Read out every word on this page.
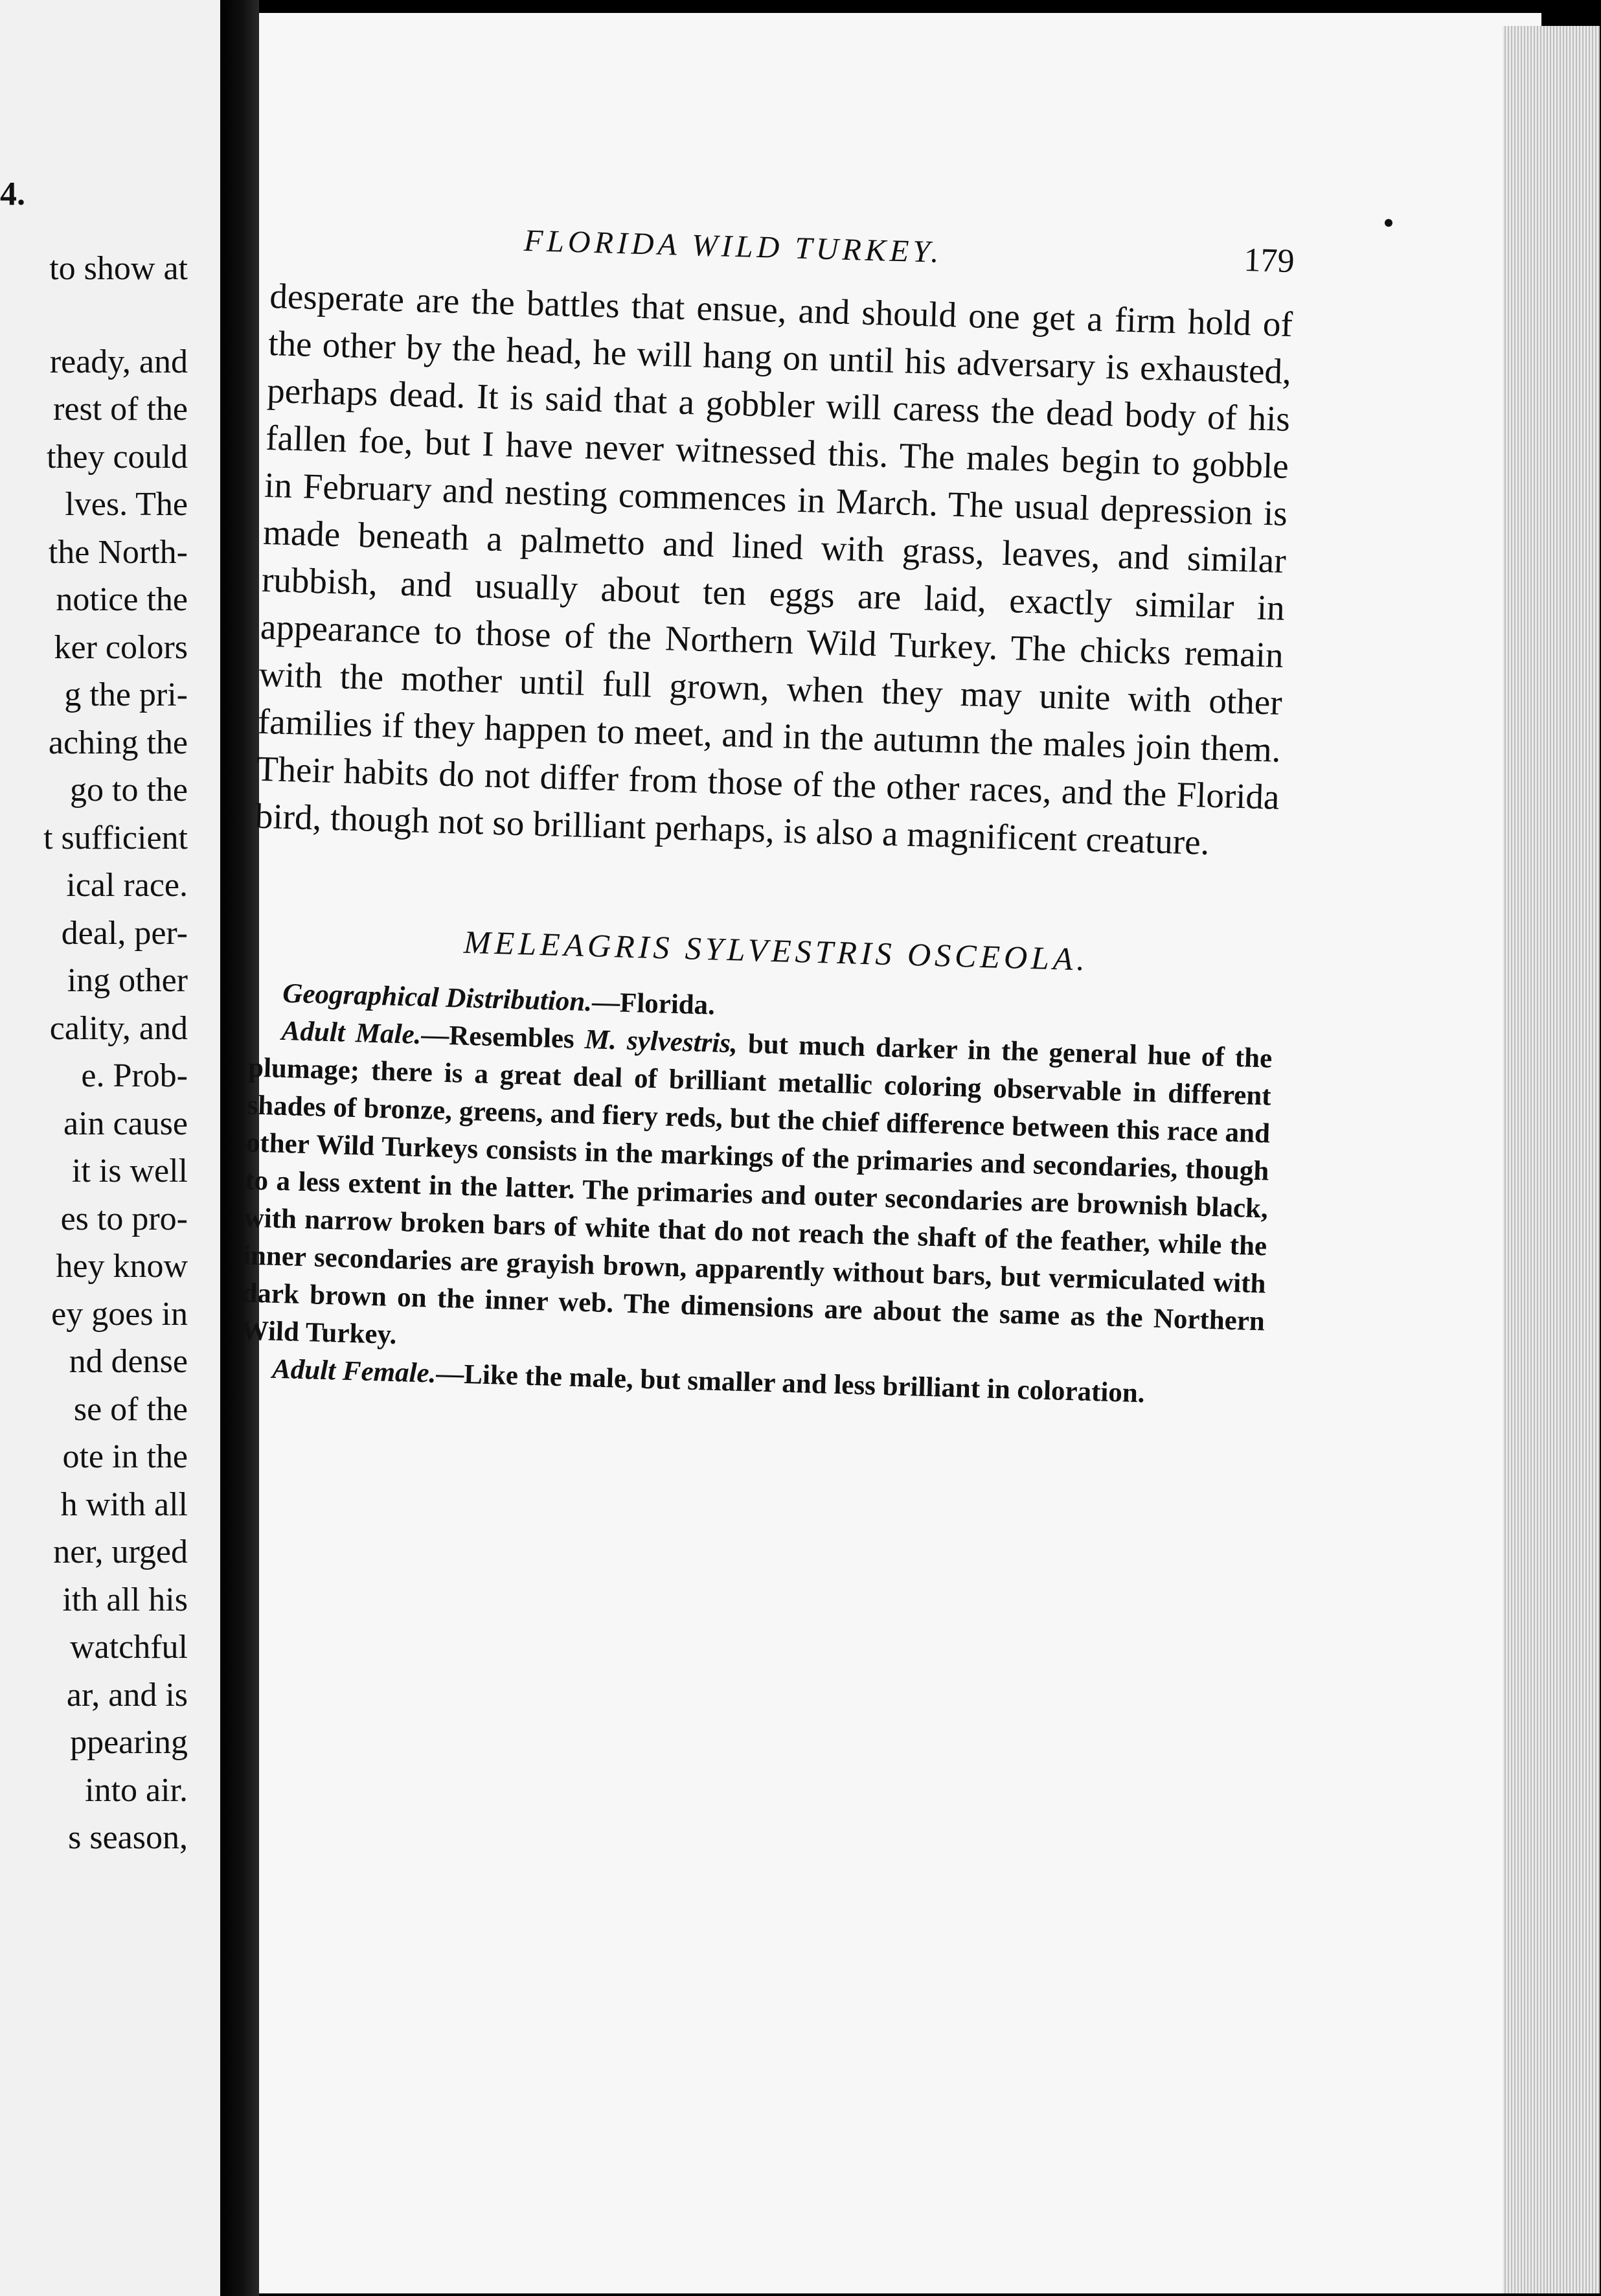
4.
to show at
ready, and
rest of the
they could
lves. The
the North-
notice the
ker colors
g the pri-
aching the
go to the
t sufficient
ical race.
deal, per-
ing other
cality, and
e. Prob-
ain cause
it is well
es to pro-
hey know
ey goes in
nd dense
se of the
ote in the
h with all
ner, urged
ith all his
watchful
ar, and is
ppearing
into air.
s season,
FLORIDA WILD TURKEY.	179

desperate are the battles that ensue, and should one get a firm hold of the other by the head, he will hang on until his adversary is exhausted, perhaps dead. It is said that a gobbler will caress the dead body of his fallen foe, but I have never witnessed this. The males begin to gobble in February and nesting commences in March. The usual depression is made beneath a palmetto and lined with grass, leaves, and similar rubbish, and usually about ten eggs are laid, exactly similar in appearance to those of the Northern Wild Turkey. The chicks remain with the mother until full grown, when they may unite with other families if they happen to meet, and in the autumn the males join them. Their habits do not differ from those of the other races, and the Florida bird, though not so brilliant perhaps, is also a magnificent creature.

MELEAGRIS SYLVESTRIS OSCEOLA.

Geographical Distribution.—Florida.

Adult Male.—Resembles M. sylvestris, but much darker in the general hue of the plumage; there is a great deal of brilliant metallic coloring observable in different shades of bronze, greens, and fiery reds, but the chief difference between this race and other Wild Turkeys consists in the markings of the primaries and secondaries, though to a less extent in the latter. The primaries and outer secondaries are brownish black, with narrow broken bars of white that do not reach the shaft of the feather, while the inner secondaries are grayish brown, apparently without bars, but vermiculated with dark brown on the inner web. The dimensions are about the same as the Northern Wild Turkey.

Adult Female.—Like the male, but smaller and less brilliant in coloration.
